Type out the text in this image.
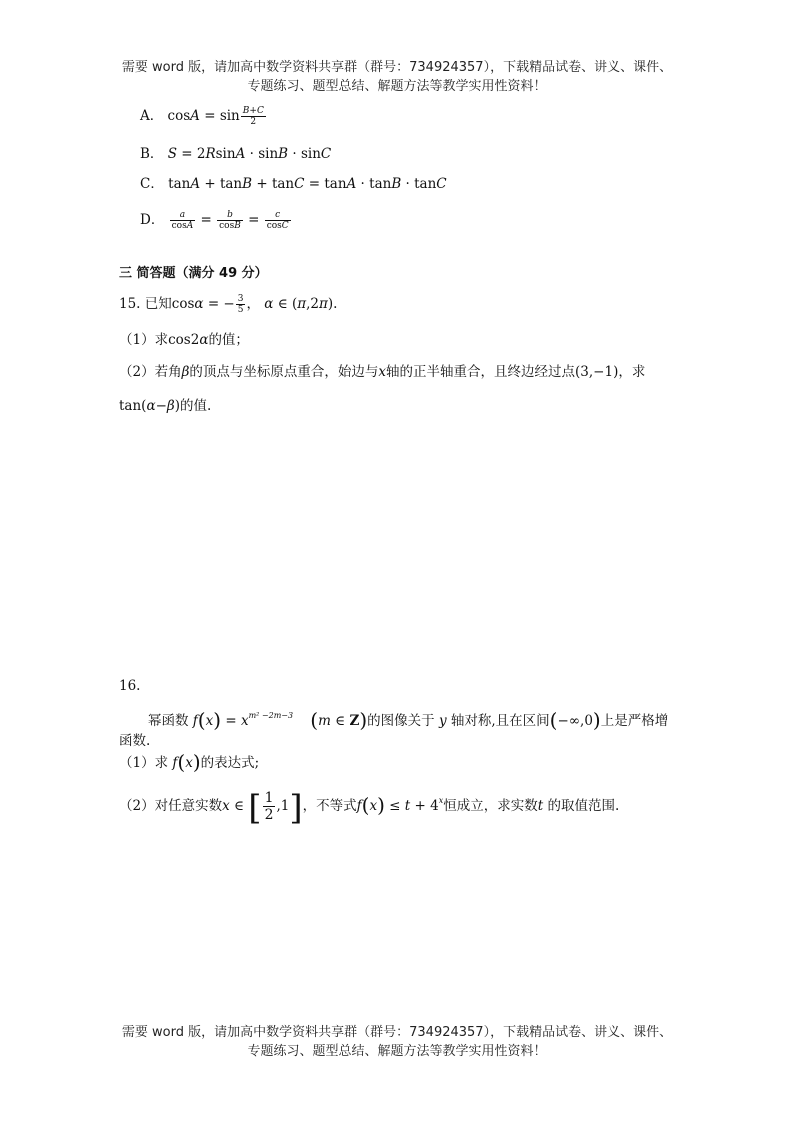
需要 word 版，请加高中数学资料共享群（群号：734924357），下载精品试卷、讲义、课件、
专题练习、题型总结、解题方法等教学实用性资料！
A． $\cos A = \sin \frac{B+C}{2}$
B． S = 2RsinA · sinB · sinC
C． tanA + tanB + tanC = tanA · tanB · tanC
D． $\frac{a}{\cos A} = \frac{b}{\cos B} = \frac{c}{\cos C}$
三 简答题（满分 49 分）
15. 已知cosα = − $\frac{3}{5}$ ， α ∈ (π,2π).
（1）求cos2α的值；
（2）若角β的顶点与坐标原点重合，始边与x轴的正半轴重合，且终边经过点(3,−1)，求
tan(α−β)的值.
16.
幂函数 $f(x) = x^{m^2 -2m-3}$ (m ∈ Z)的图像关于 y 轴对称,且在区间(−∞,0)上是严格增
函数.
（1）求 f(x)的表达式;
（2）对任意实数x ∈ [ $\frac{1}{2} ,1$]，不等式$f(x) \le t + 4^x$恒成立，求实数t 的取值范围.
需要 word 版，请加高中数学资料共享群（群号：734924357），下载精品试卷、讲义、课件、
专题练习、题型总结、解题方法等教学实用性资料！
